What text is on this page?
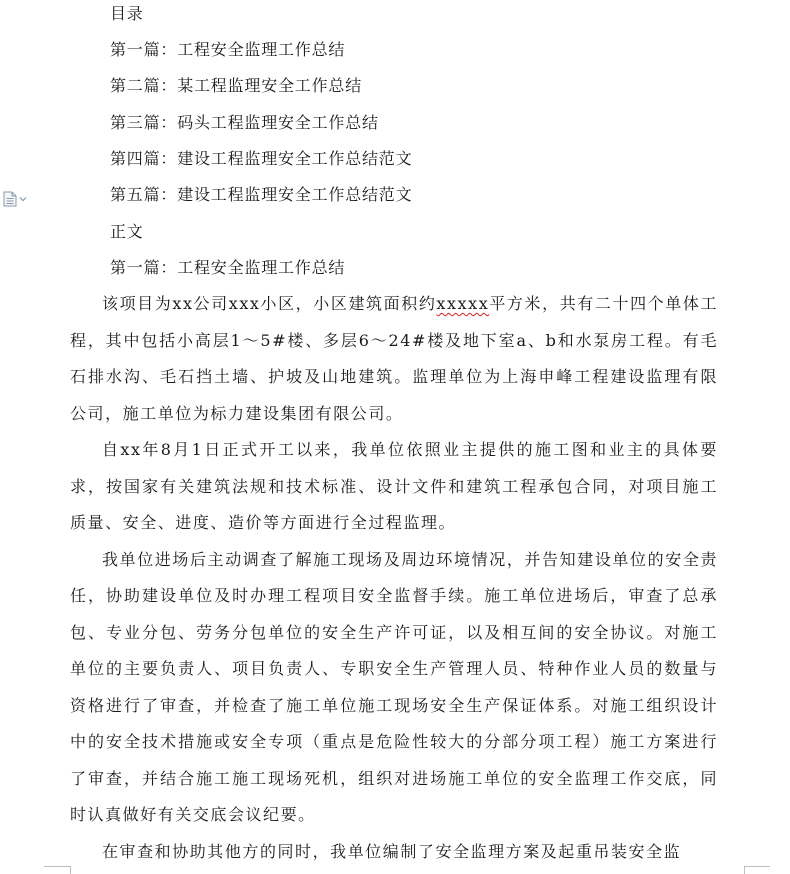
目录
第一篇：工程安全监理工作总结
第二篇：某工程监理安全工作总结
第三篇：码头工程监理安全工作总结
第四篇：建设工程监理安全工作总结范文
第五篇：建设工程监理安全工作总结范文
正文
第一篇：工程安全监理工作总结

该项目为xx公司xxx小区，小区建筑面积约xxxxx平方米，共有二十四个单体工程，其中包括小高层1～5#楼、多层6～24#楼及地下室a、b和水泵房工程。有毛石排水沟、毛石挡土墙、护坡及山地建筑。监理单位为上海申峰工程建设监理有限公司，施工单位为标力建设集团有限公司。

自xx年8月1日正式开工以来，我单位依照业主提供的施工图和业主的具体要求，按国家有关建筑法规和技术标准、设计文件和建筑工程承包合同，对项目施工质量、安全、进度、造价等方面进行全过程监理。

我单位进场后主动调查了解施工现场及周边环境情况，并告知建设单位的安全责任，协助建设单位及时办理工程项目安全监督手续。施工单位进场后，审查了总承包、专业分包、劳务分包单位的安全生产许可证，以及相互间的安全协议。对施工单位的主要负责人、项目负责人、专职安全生产管理人员、特种作业人员的数量与资格进行了审查，并检查了施工单位施工现场安全生产保证体系。对施工组织设计中的安全技术措施或安全专项（重点是危险性较大的分部分项工程）施工方案进行了审查，并结合施工施工现场死机，组织对进场施工单位的安全监理工作交底，同时认真做好有关交底会议纪要。

在审查和协助其他方的同时，我单位编制了安全监理方案及起重吊装安全监
